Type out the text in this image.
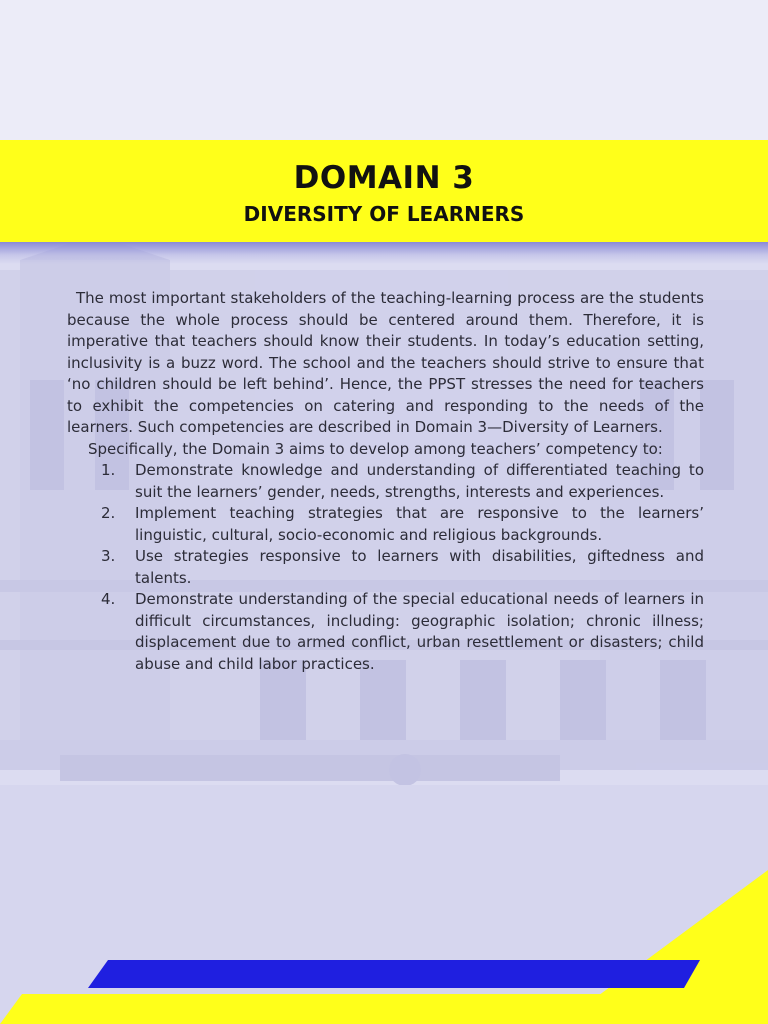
DOMAIN 3
DIVERSITY OF LEARNERS

The most important stakeholders of the teaching-learning process are the students because the whole process should be centered around them. Therefore, it is imperative that teachers should know their students. In today’s education setting, inclusivity is a buzz word. The school and the teachers should strive to ensure that ‘no children should be left behind’. Hence, the PPST stresses the need for teachers to exhibit the competencies on catering and responding to the needs of the learners. Such competencies are described in Domain 3—Diversity of Learners.

Specifically, the Domain 3 aims to develop among teachers’ competency to:

1. Demonstrate knowledge and understanding of differentiated teaching to suit the learners’ gender, needs, strengths, interests and experiences.
2. Implement teaching strategies that are responsive to the learners’ linguistic, cultural, socio-economic and religious backgrounds.
3. Use strategies responsive to learners with disabilities, giftedness and talents.
4. Demonstrate understanding of the special educational needs of learners in difficult circumstances, including: geographic isolation; chronic illness; displacement due to armed conflict, urban resettlement or disasters; child abuse and child labor practices.
